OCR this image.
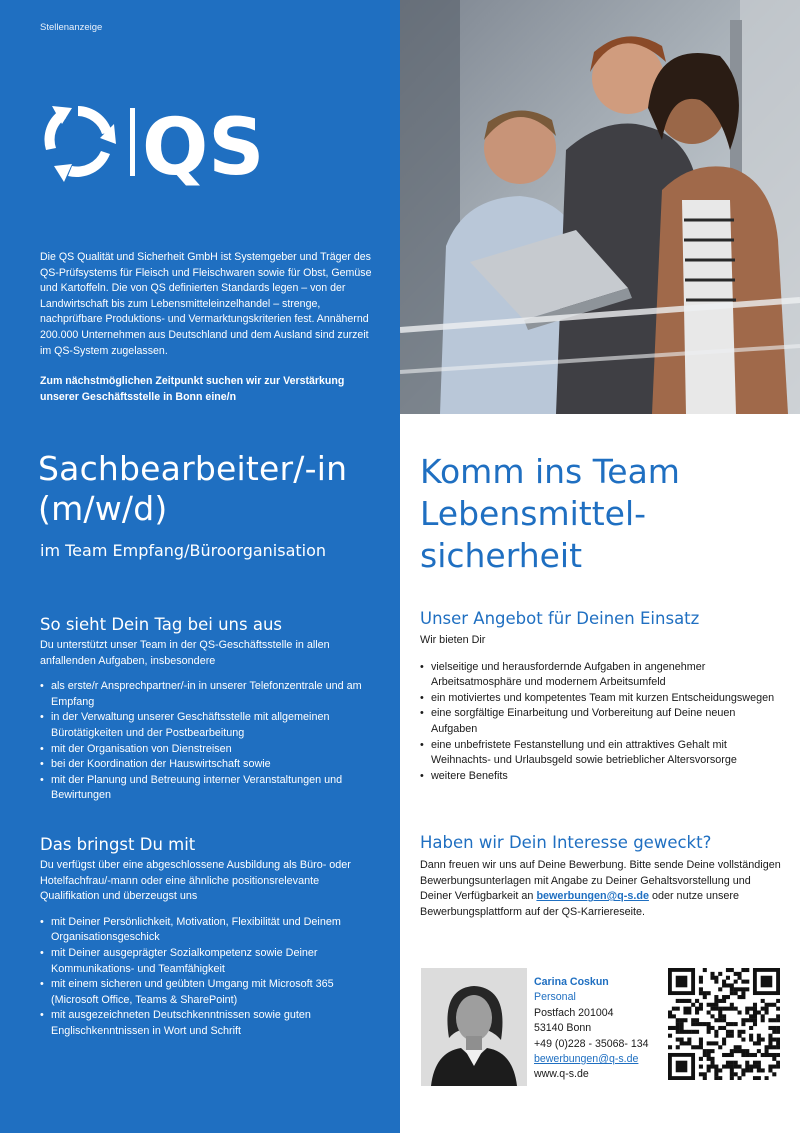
Stellenanzeige
QS

Die QS Qualität und Sicherheit GmbH ist Systemgeber und Träger des QS-Prüfsystems für Fleisch und Fleischwaren sowie für Obst, Gemüse und Kartoffeln. Die von QS definierten Standards legen – von der Landwirtschaft bis zum Lebensmitteleinzelhandel – strenge, nachprüfbare Produktions- und Vermarktungskriterien fest. Annähernd 200.000 Unternehmen aus Deutschland und dem Ausland sind zurzeit im QS-System zugelassen.

Zum nächstmöglichen Zeitpunkt suchen wir zur Verstärkung unserer Geschäftsstelle in Bonn eine/n

Sachbearbeiter/-in
(m/w/d)
im Team Empfang/Büroorganisation
So sieht Dein Tag bei uns aus

Du unterstützt unser Team in der QS-Geschäftsstelle in allen anfallenden Aufgaben, insbesondere

• als erste/r Ansprechpartner/-in in unserer Telefonzentrale und am Empfang
• in der Verwaltung unserer Geschäftsstelle mit allgemeinen Bürotätigkeiten und der Postbearbeitung
• mit der Organisation von Dienstreisen
• bei der Koordination der Hauswirtschaft sowie
• mit der Planung und Betreuung interner Veranstaltungen und Bewirtungen
Das bringst Du mit

Du verfügst über eine abgeschlossene Ausbildung als Büro- oder Hotelfachfrau/-mann oder eine ähnliche positionsrelevante Qualifikation und überzeugst uns

• mit Deiner Persönlichkeit, Motivation, Flexibilität und Deinem Organisationsgeschick
• mit Deiner ausgeprägter Sozialkompetenz sowie Deiner Kommunikations- und Teamfähigkeit
• mit einem sicheren und geübten Umgang mit Microsoft 365 (Microsoft Office, Teams & SharePoint)
• mit ausgezeichneten Deutschkenntnissen sowie guten Englischkenntnissen in Wort und Schrift
Komm ins Team
Lebensmittel-
sicherheit
Unser Angebot für Deinen Einsatz

Wir bieten Dir

• vielseitige und herausfordernde Aufgaben in angenehmer Arbeitsatmosphäre und modernem Arbeitsumfeld
• ein motiviertes und kompetentes Team mit kurzen Entscheidungswegen
• eine sorgfältige Einarbeitung und Vorbereitung auf Deine neuen Aufgaben
• eine unbefristete Festanstellung und ein attraktives Gehalt mit Weihnachts- und Urlaubsgeld sowie betrieblicher Altersvorsorge
• weitere Benefits
Haben wir Dein Interesse geweckt?

Dann freuen wir uns auf Deine Bewerbung. Bitte sende Deine vollständigen Bewerbungsunterlagen mit Angabe zu Deiner Gehaltsvorstellung und Deiner Verfügbarkeit an bewerbungen@q-s.de oder nutze unsere Bewerbungsplattform auf der QS-Karriereseite.

Carina Coskun
Personal
Postfach 201004
53140 Bonn
+49 (0)228 - 35068- 134
bewerbungen@q-s.de
www.q-s.de
